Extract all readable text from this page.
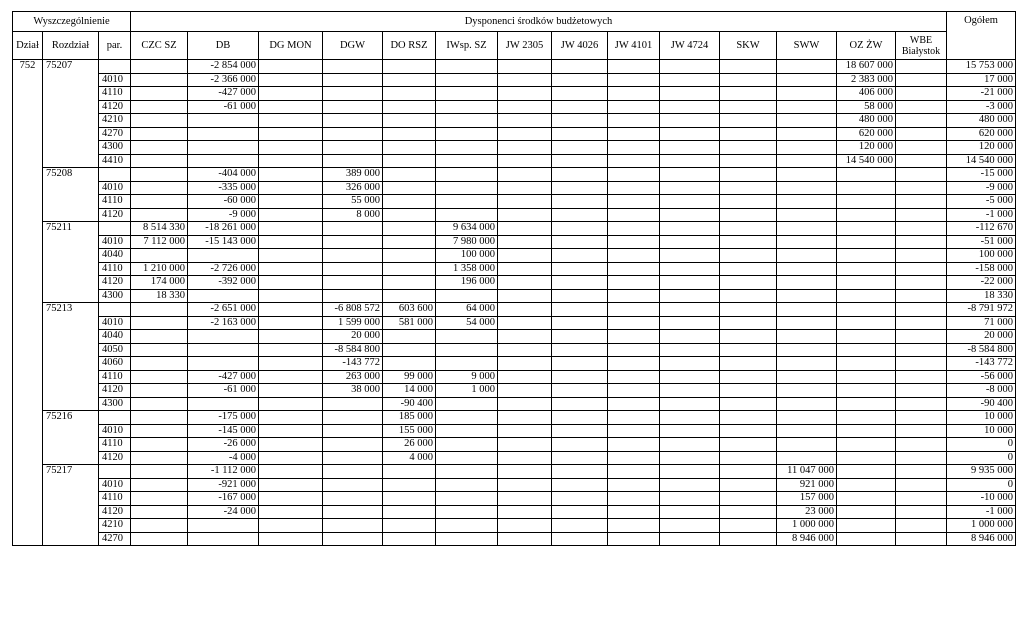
Wyszczególnienie			Dysponenci środków budżetowych														Ogółem
Dział	Rozdział	par.	CZC SZ	DB	DG MON	DGW	DO RSZ	IWsp. SZ	JW 2305	JW 4026	JW 4101	JW 4724	SKW	SWW	OZ ŻW	WBE Białystok	
752	75207			-2 854 000											18 607 000		15 753 000
		4010		-2 366 000											2 383 000		17 000
		4110		-427 000											406 000		-21 000
		4120		-61 000											58 000		-3 000
		4210													480 000		480 000
		4270													620 000		620 000
		4300													120 000		120 000
		4410													14 540 000		14 540 000
	75208			-404 000		389 000											-15 000
		4010		-335 000		326 000											-9 000
		4110		-60 000		55 000											-5 000
		4120		-9 000		8 000											-1 000
	75211		8 514 330	-18 261 000				9 634 000									-112 670
		4010	7 112 000	-15 143 000				7 980 000									-51 000
		4040						100 000									100 000
		4110	1 210 000	-2 726 000				1 358 000									-158 000
		4120	174 000	-392 000				196 000									-22 000
		4300	18 330														18 330
	75213			-2 651 000		-6 808 572	603 600	64 000									-8 791 972
		4010		-2 163 000		1 599 000	581 000	54 000									71 000
		4040				20 000											20 000
		4050				-8 584 800											-8 584 800
		4060				-143 772											-143 772
		4110		-427 000		263 000	99 000	9 000									-56 000
		4120		-61 000		38 000	14 000	1 000									-8 000
		4300					-90 400										-90 400
	75216			-175 000			185 000										10 000
		4010		-145 000			155 000										10 000
		4110		-26 000			26 000										0
		4120		-4 000			4 000										0
	75217			-1 112 000										11 047 000			9 935 000
		4010		-921 000										921 000			0
		4110		-167 000										157 000			-10 000
		4120		-24 000										23 000			-1 000
		4210												1 000 000			1 000 000
		4270												8 946 000			8 946 000
